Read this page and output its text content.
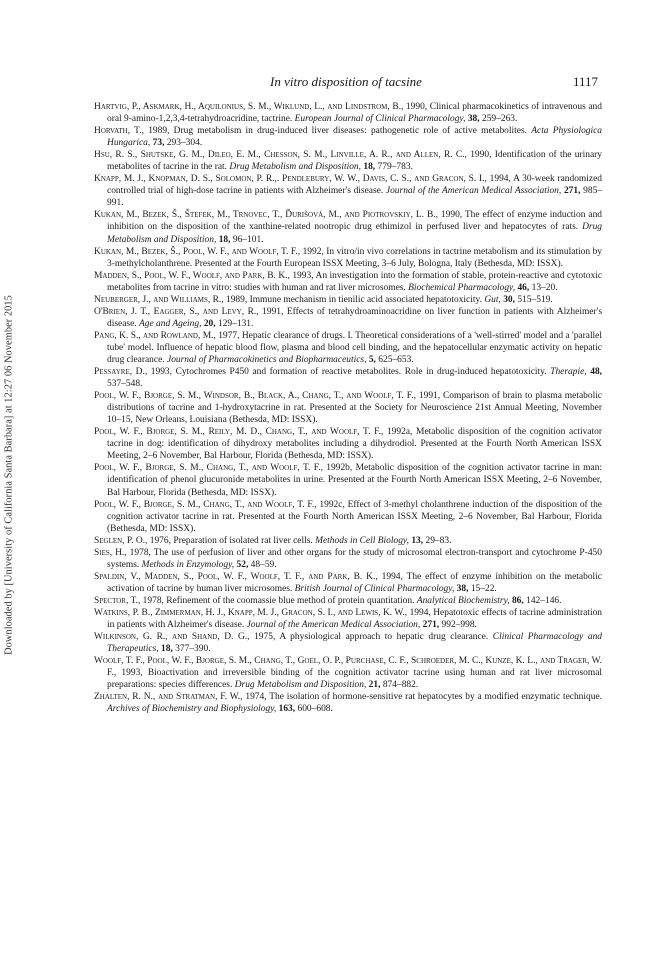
Downloaded by [University of California Santa Barbara] at 12:27 06 November 2015
In vitro disposition of tacsine	1117

Hartvig, P., Askmark, H., Aquilonius, S. M., Wiklund, L., and Lindstrom, B., 1990, Clinical pharmacokinetics of intravenous and oral 9-amino-1,2,3,4-tetrahydroacridine, tactrine. European Journal of Clinical Pharmacology, 38, 259–263.

Horvath, T., 1989, Drug metabolism in drug-induced liver diseases: pathogenetic role of active metabolites. Acta Physiologica Hungarica, 73, 293–304.

Hsu, R. S., Shutske, G. M., Dileo, E. M., Chesson, S. M., Linville, A. R., and Allen, R. C., 1990, Identification of the urinary metabolites of tacrine in the rat. Drug Metabolism and Disposition, 18, 779–783.

Knapp, M. J., Knopman, D. S., Solomon, P. R.,. Pendlebury, W. W., Davis, C. S., and Gracon, S. I., 1994, A 30-week randomized controlled trial of high-dose tacrine in patients with Alzheimer's disease. Journal of the American Medical Association, 271, 985–991.

Kukan, M., Bezek, Š., Štefek, M., Trnovec, T., Ďurišová, M., and Piotrovskiy, L. B., 1990, The effect of enzyme induction and inhibition on the disposition of the xanthine-related nootropic drug ethimizol in perfused liver and hepatocytes of rats. Drug Metabolism and Disposition, 18, 96–101.

Kukan, M., Bezek, Š., Pool, W. F., and Woolf, T. F., 1992, In vitro/in vivo correlations in tactrine metabolism and its stimulation by 3-methylcholanthrene. Presented at the Fourth European ISSX Meeting, 3–6 July, Bologna, Italy (Bethesda, MD: ISSX).

Madden, S., Pool, W. F., Woolf, and Park, B. K., 1993, An investigation into the formation of stable, protein-reactive and cytotoxic metabolites from tacrine in vitro: studies with human and rat liver microsomes. Biochemical Pharmacology, 46, 13–20.

Neuberger, J., and Williams, R., 1989, Immune mechanism in tienilic acid associated hepatotoxicity. Gut, 30, 515–519.

O'Brien, J. T., Eagger, S., and Levy, R., 1991, Effects of tetrahydroaminoacridine on liver function in patients with Alzheimer's disease. Age and Ageing, 20, 129–131.

Pang, K. S., and Rowland, M., 1977, Hepatic clearance of drugs. I. Theoretical considerations of a 'well-stirred' model and a 'parallel tube' model. Influence of hepatic blood flow, plasma and blood cell binding, and the hepatocellular enzymatic activity on hepatic drug clearance. Journal of Pharmacokinetics and Biopharmaceutics, 5, 625–653.

Pessayre, D., 1993, Cytochromes P450 and formation of reactive metabolites. Role in drug-induced hepatotoxicity. Therapie, 48, 537–548.

Pool, W. F., Bjorge, S. M., Windsor, B., Black, A., Chang, T., and Woolf, T. F., 1991, Comparison of brain to plasma metabolic distributions of tacrine and 1-hydroxytacrine in rat. Presented at the Society for Neuroscience 21st Annual Meeting, November 10–15, New Orleans, Louisiana (Bethesda, MD: ISSX).

Pool, W. F., Bjorge, S. M., Reily, M. D., Chang, T., and Woolf, T. F., 1992a, Metabolic disposition of the cognition activator tacrine in dog: identification of dihydroxy metabolites including a dihydrodiol. Presented at the Fourth North American ISSX Meeting, 2–6 November, Bal Harbour, Florida (Bethesda, MD: ISSX).

Pool, W. F., Bjorge, S. M., Chang, T., and Woolf, T. F., 1992b, Metabolic disposition of the cognition activator tacrine in man: identification of phenol glucuronide metabolites in urine. Presented at the Fourth North American ISSX Meeting, 2–6 November, Bal Harbour, Florida (Bethesda, MD: ISSX).

Pool, W. F., Bjorge, S. M., Chang, T., and Woolf, T. F., 1992c, Effect of 3-methyl cholanthrene induction of the disposition of the cognition activator tacrine in rat. Presented at the Fourth North American ISSX Meeting, 2–6 November, Bal Harbour, Florida (Bethesda, MD: ISSX).

Seglen, P. O., 1976, Preparation of isolated rat liver cells. Methods in Cell Biology, 13, 29–83.

Sies, H., 1978, The use of perfusion of liver and other organs for the study of microsomal electron-transport and cytochrome P-450 systems. Methods in Enzymology, 52, 48–59.

Spaldin, V., Madden, S., Pool, W. F., Woolf, T. F., and Park, B. K., 1994, The effect of enzyme inhibition on the metabolic activation of tacrine by human liver microsomes. British Journal of Clinical Pharmacology, 38, 15–22.

Spector, T., 1978, Refinement of the coomassie blue method of protein quantitation. Analytical Biochemistry, 86, 142–146.

Watkins, P. B., Zimmerman, H. J., Knapp, M. J., Gracon, S. I., and Lewis, K. W., 1994, Hepatotoxic effects of tacrine administration in patients with Alzheimer's disease. Journal of the American Medical Association, 271, 992–998.

Wilkinson, G. R., and Shand, D. G., 1975, A physiological approach to hepatic drug clearance. Clinical Pharmacology and Therapeutics, 18, 377–390.

Woolf, T. F., Pool, W. F., Bjorge, S. M., Chang, T., Goel, O. P., Purchase, C. F., Schroeder, M. C., Kunze, K. L., and Trager, W. F., 1993, Bioactivation and irreversible binding of the cognition activator tacrine using human and rat liver microsomal preparations: species differences. Drug Metabolism and Disposition, 21, 874–882.

Zhalten, R. N., and Stratman, F. W., 1974, The isolation of hormone-sensitive rat hepatocytes by a modified enzymatic technique. Archives of Biochemistry and Biophysiology, 163, 600–608.
